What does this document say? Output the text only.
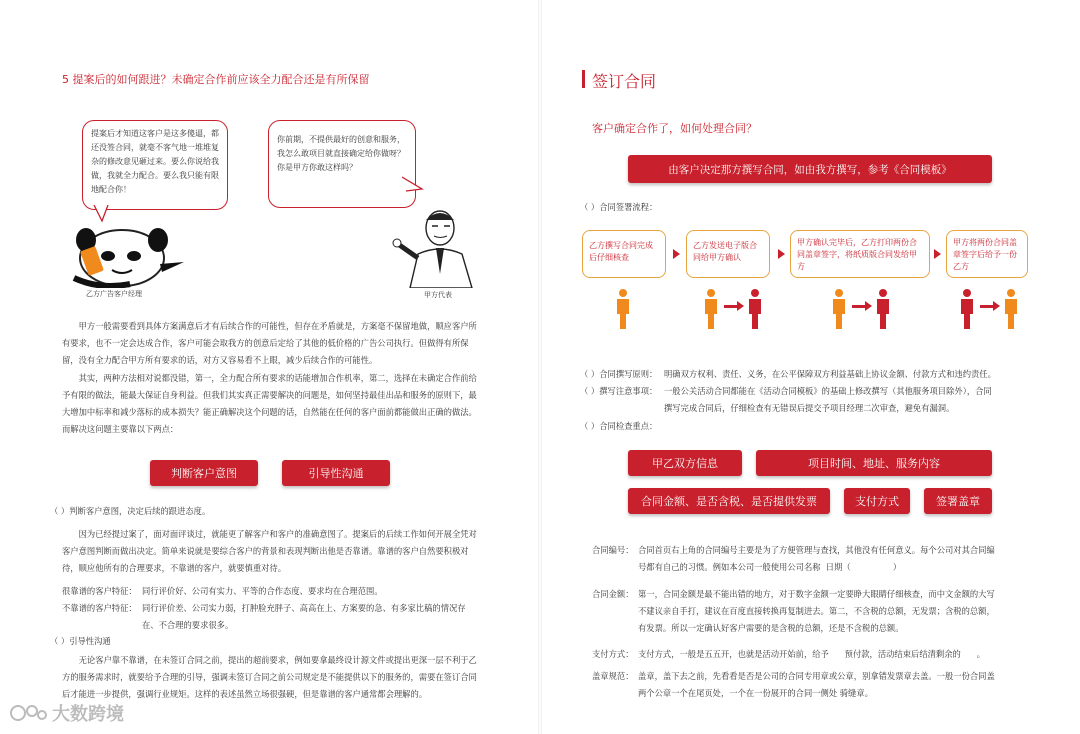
5 提案后的如何跟进？未确定合作前应该全力配合还是有所保留
提案后才知道这客户是这多傻逼，都还没签合同，就毫不客气地一堆堆复杂的修改意见砸过来。要么你说给我做，我就全力配合。要么我只能有限地配合你！
你前期，不提供最好的创意和服务，我怎么敢项目就直接确定给你做呀？你是甲方你敢这样吗？
乙方广告客户经理	甲方代表
甲方一般需要看到具体方案满意后才有后续合作的可能性，但存在矛盾就是，方案毫不保留地做，顺应客户所有要求，也不一定会达成合作，客户可能会取我方的创意后定给了其他的低价格的广告公司执行。但做得有所保留，没有全力配合甲方所有要求的话，对方又容易看不上眼，减少后续合作的可能性。
其实，两种方法相对说都没错，第一，全力配合所有要求的话能增加合作机率，第二，选择在未确定合作前给予有限的做法，能最大保证自身利益。但我们其实真正需要解决的问题是，如何坚持最佳出品和服务的原则下，最大增加中标率和减少落标的成本损失？能正确解决这个问题的话，自然能在任何的客户面前都能做出正确的做法。而解决这问题主要靠以下两点：
判断客户意图	引导性沟通
（ ）判断客户意图，决定后续的跟进态度。
因为已经提过案了，面对面评谈过，就能更了解客户和客户的准确意图了。提案后的后续工作如何开展全凭对客户意图判断而做出决定。简单来说就是要综合客户的背景和表现判断出他是否靠谱。靠谱的客户自然要积极对待，顺应他所有的合理要求，不靠谱的客户，就要慎重对待。
很靠谱的客户特征： 同行评价好、公司有实力、平等的合作态度、要求均在合理范围。
不靠谱的客户特征： 同行评价差、公司实力弱，打肿脸充胖子、高高在上、方案要的急、有多家比稿的情况存
在、不合理的要求很多。
（ ）引导性沟通
无论客户靠不靠谱，在未签订合同之前，提出的超前要求，例如要拿最终设计源文件或提出更深一层不利于乙方的服务需求时，就要给予合理的引导，强调未签订合同之前公司规定是不能提供以下的服务的，需要在签订合同后才能进一步提供，强调行业规矩。这样的表述虽然立场很强硬，但是靠谱的客户通常都会理解的。
大数跨境
签订合同
客户确定合作了，如何处理合同？
由客户决定那方撰写合同，如由我方撰写，参考《合同模板》
（ ）合同签署流程：
乙方撰写合同完成后仔细核查
乙方发送电子版合同给甲方确认
甲方确认完毕后，乙方打印两份合同盖章签字，将纸质版合同发给甲方
甲方将两份合同盖章签字后给予一份乙方
（ ）合同撰写原则： 明确双方权利、责任、义务，在公平保障双方利益基础上协议金额、付款方式和违约责任。
（ ）撰写注意事项： 一般公关活动合同都能在《活动合同模板》的基础上修改撰写（其他服务项目除外），合同
撰写完成合同后，仔细检查有无错误后提交予项目经理二次审查，避免有漏洞。
（ ）合同检查重点：
甲乙双方信息	项目时间、地址、服务内容
合同金额、是否含税、是否提供发票	支付方式	签署盖章
合同编号： 合同首页右上角的合同编号主要是为了方便管理与查找，其他没有任何意义。每个公司对其合同编
号都有自己的习惯。例如本公司一般使用公司名称  日期（                ）
合同金额： 第一，合同金额是最不能出错的地方，对于数字金额一定要睁大眼睛仔细核查，而中文金额的大写
不建议亲自手打，建议在百度直接转换再复制进去。第二，不含税的总额，无发票；含税的总额，
有发票。所以一定确认好客户需要的是含税的总额，还是不含税的总额。
支付方式： 支付方式，一般是五五开，也就是活动开始前，给予      预付款，活动结束后结清剩余的      。
盖章规范： 盖章，盖下去之前，先看看是否是公司的合同专用章或公章，别拿错发票章去盖。一般一份合同盖
两个公章一个在尾页处，一个在一份展开的合同一侧处 骑缝章。
